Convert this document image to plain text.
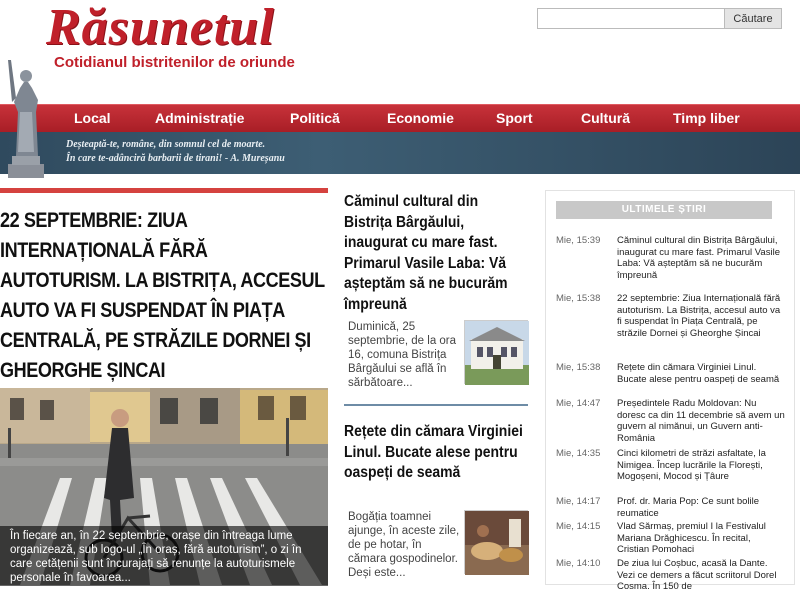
Răsunetul
Cotidianul bistritenilor de oriunde
Căutare
Local	Administrație	Politică	Economie	Sport	Cultură	Timp liber
Deșteaptă-te, române, din somnul cel de moarte.
În care te-adânciră barbarii de tirani! - A. Mureșanu
22 SEPTEMBRIE: ZIUA INTERNAȚIONALĂ FĂRĂ AUTOTURISM. LA BISTRIȚA, ACCESUL AUTO VA FI SUSPENDAT ÎN PIAȚA CENTRALĂ, PE STRĂZILE DORNEI ȘI GHEORGHE ȘINCAI
În fiecare an, în 22 septembrie, orașe din întreaga lume organizează, sub logo-ul „În oraș, fără autoturism”, o zi în care cetățenii sunt încurajați să renunțe la autoturismele personale în favoarea...
Căminul cultural din Bistrița Bârgăului, inaugurat cu mare fast. Primarul Vasile Laba: Vă așteptăm să ne bucurăm împreună
Duminică, 25 septembrie, de la ora 16, comuna Bistrița Bârgăului se află în sărbătoare...
Rețete din cămara Virginiei Linul. Bucate alese pentru oaspeți de seamă
Bogăția toamnei ajunge, în aceste zile, de pe hotar, în cămara gospodinelor. Deși este...
ULTIMELE ȘTIRI
Mie, 15:39	Căminul cultural din Bistrița Bârgăului, inaugurat cu mare fast. Primarul Vasile Laba: Vă așteptăm să ne bucurăm împreună
Mie, 15:38	22 septembrie: Ziua Internațională fără autoturism. La Bistrița, accesul auto va fi suspendat în Piața Centrală, pe străzile Dornei și Gheorghe Șincai
Mie, 15:38	Rețete din cămara Virginiei Linul. Bucate alese pentru oaspeți de seamă
Mie, 14:47	Președintele Radu Moldovan: Nu doresc ca din 11 decembrie să avem un guvern al nimănui, un Guvern anti-România
Mie, 14:35	Cinci kilometri de străzi asfaltate, la Nimigea. Încep lucrările la Florești, Mogoșeni, Mocod și Țâure
Mie, 14:17	Prof. dr. Maria Pop: Ce sunt bolile reumatice
Mie, 14:15	Vlad Sărmaș, premiul I la Festivalul Mariana Drăghicescu. În recital, Cristian Pomohaci
Mie, 14:10	De ziua lui Coșbuc, acasă la Dante. Vezi ce demers a făcut scriitorul Dorel Cosma. În 150 de
